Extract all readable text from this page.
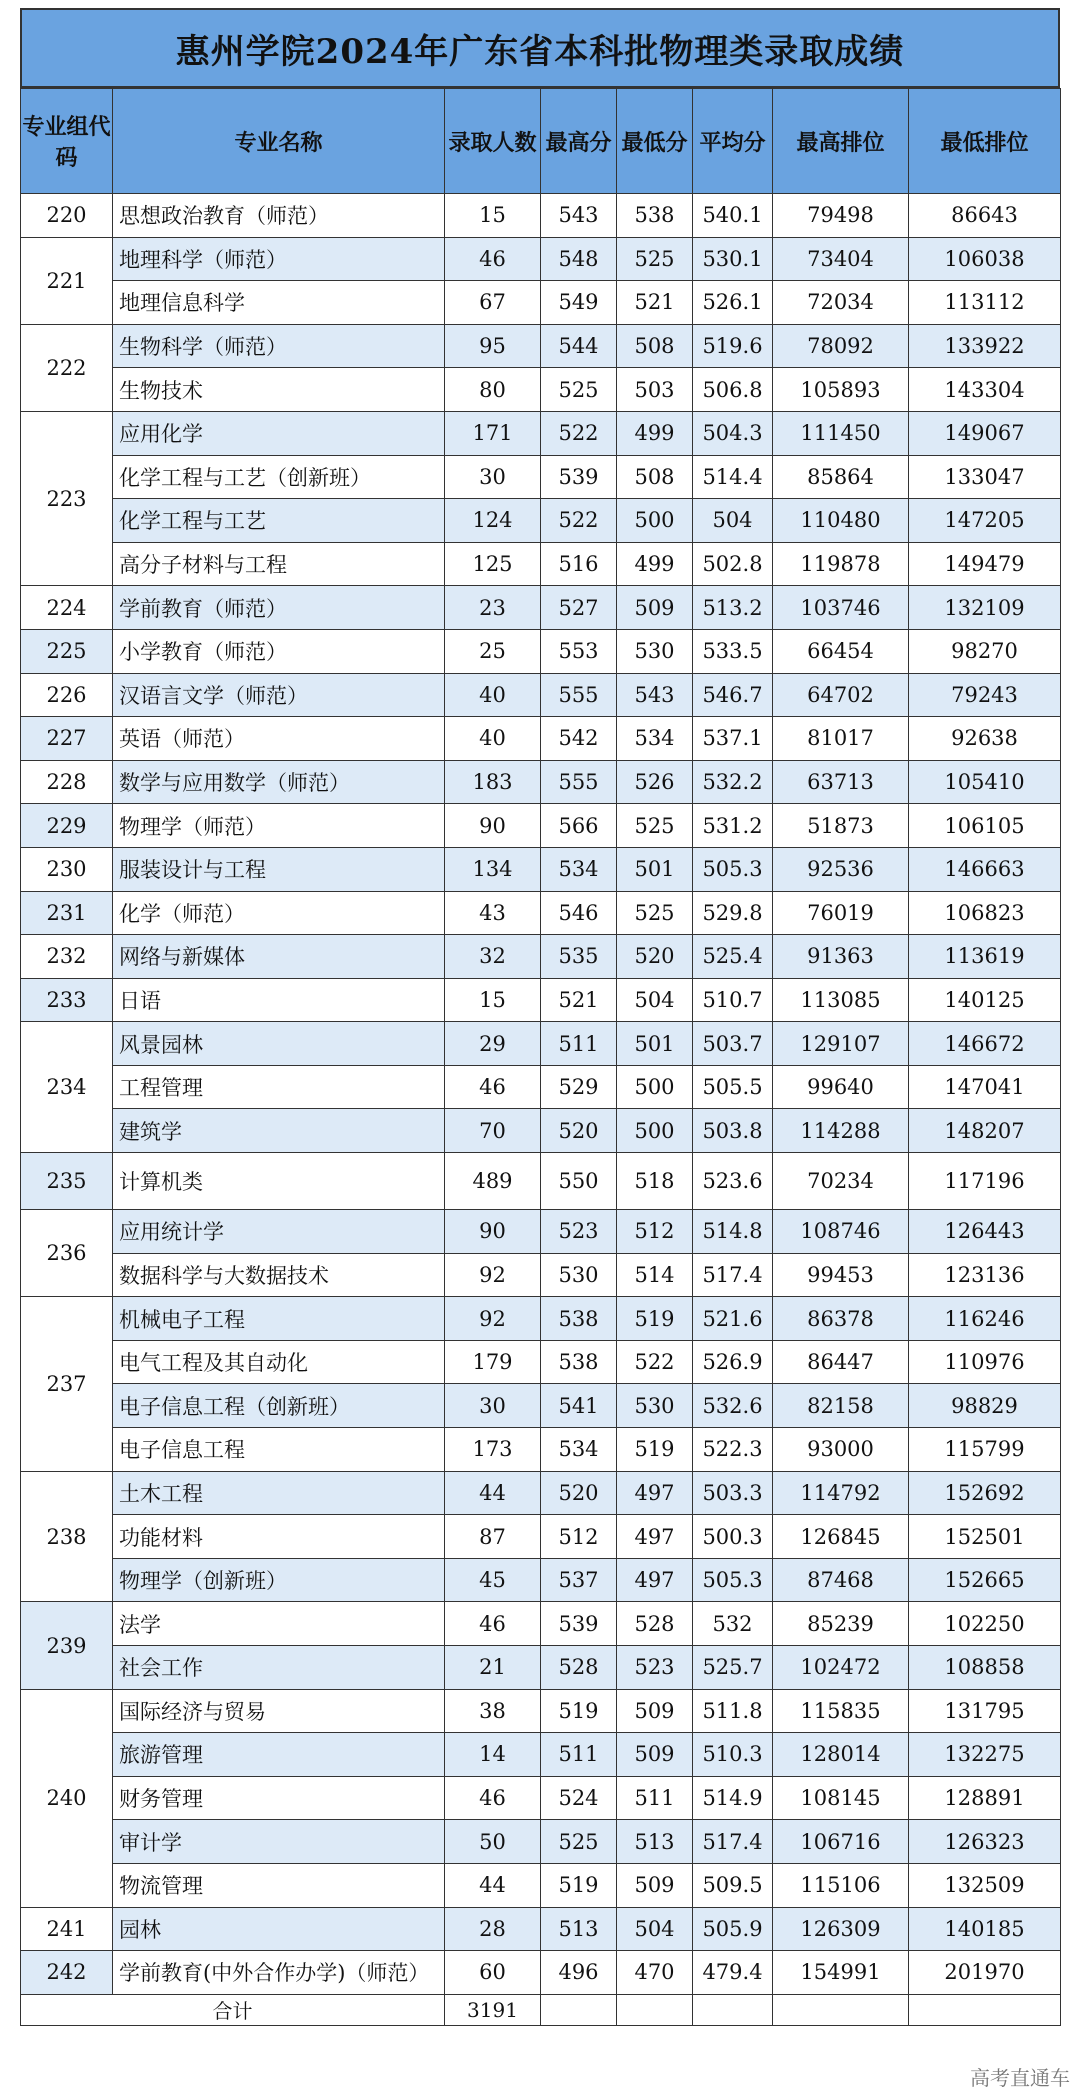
惠州学院2024年广东省本科批物理类录取成绩
专业组代码	专业名称	录取人数	最高分	最低分	平均分	最高排位	最低排位
220	思想政治教育（师范）	15	543	538	540.1	79498	86643
221	地理科学（师范）	46	548	525	530.1	73404	106038
	地理信息科学	67	549	521	526.1	72034	113112
222	生物科学（师范）	95	544	508	519.6	78092	133922
	生物技术	80	525	503	506.8	105893	143304
223	应用化学	171	522	499	504.3	111450	149067
	化学工程与工艺（创新班）	30	539	508	514.4	85864	133047
	化学工程与工艺	124	522	500	504	110480	147205
	高分子材料与工程	125	516	499	502.8	119878	149479
224	学前教育（师范）	23	527	509	513.2	103746	132109
225	小学教育（师范）	25	553	530	533.5	66454	98270
226	汉语言文学（师范）	40	555	543	546.7	64702	79243
227	英语（师范）	40	542	534	537.1	81017	92638
228	数学与应用数学（师范）	183	555	526	532.2	63713	105410
229	物理学（师范）	90	566	525	531.2	51873	106105
230	服装设计与工程	134	534	501	505.3	92536	146663
231	化学（师范）	43	546	525	529.8	76019	106823
232	网络与新媒体	32	535	520	525.4	91363	113619
233	日语	15	521	504	510.7	113085	140125
234	风景园林	29	511	501	503.7	129107	146672
	工程管理	46	529	500	505.5	99640	147041
	建筑学	70	520	500	503.8	114288	148207
235	计算机类	489	550	518	523.6	70234	117196
236	应用统计学	90	523	512	514.8	108746	126443
	数据科学与大数据技术	92	530	514	517.4	99453	123136
237	机械电子工程	92	538	519	521.6	86378	116246
	电气工程及其自动化	179	538	522	526.9	86447	110976
	电子信息工程（创新班）	30	541	530	532.6	82158	98829
	电子信息工程	173	534	519	522.3	93000	115799
238	土木工程	44	520	497	503.3	114792	152692
	功能材料	87	512	497	500.3	126845	152501
	物理学（创新班）	45	537	497	505.3	87468	152665
239	法学	46	539	528	532	85239	102250
	社会工作	21	528	523	525.7	102472	108858
240	国际经济与贸易	38	519	509	511.8	115835	131795
	旅游管理	14	511	509	510.3	128014	132275
	财务管理	46	524	511	514.9	108145	128891
	审计学	50	525	513	517.4	106716	126323
	物流管理	44	519	509	509.5	115106	132509
241	园林	28	513	504	505.9	126309	140185
242	学前教育(中外合作办学)（师范）	60	496	470	479.4	154991	201970
合计		3191					
高考直通车
